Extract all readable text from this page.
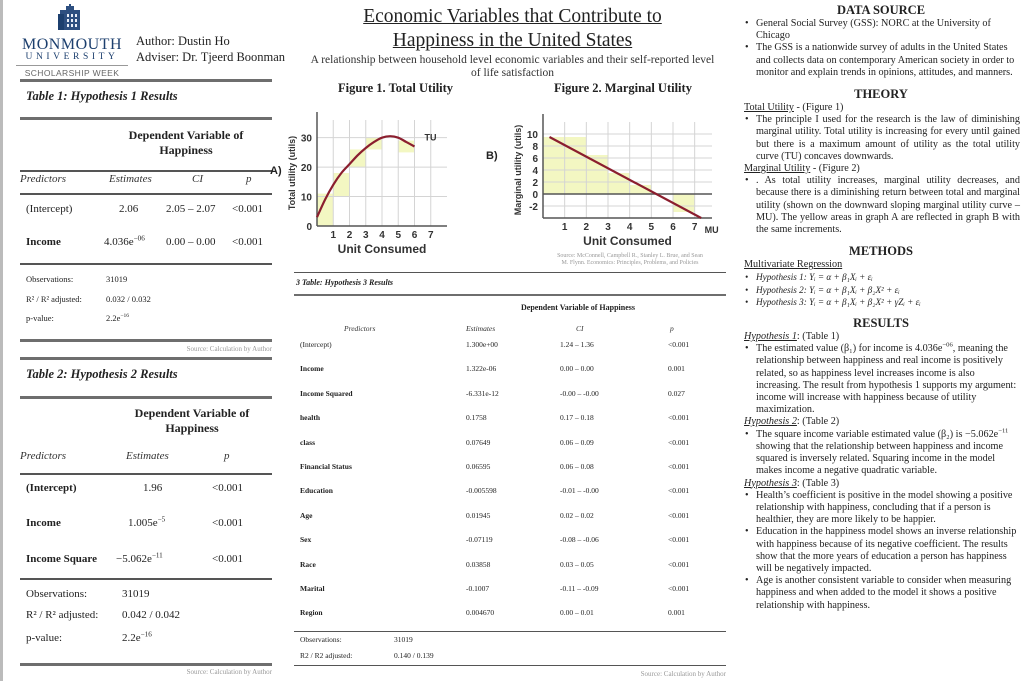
MONMOUTH
UNIVERSITY
SCHOLARSHIP WEEK
Author: Dustin Ho
Adviser: Dr. Tjeerd Boonman
Table 1: Hypothesis 1 Results
Dependent Variable of Happiness
Predictors	Estimates	CI	p
(Intercept)	2.06	2.05 – 2.07 <0.001
Income	$4.036e^{-06}$ 0.00 – 0.00 <0.001
Observations:	31019
R² / R² adjusted:	0.032 / 0.032
p-value:	$2.2e^{-16}$
Source: Calculation by Author
Table 2: Hypothesis 2 Results
Dependent Variable of Happiness
Predictors	Estimates	p
(Intercept)	1.96	<0.001
Income	$1.005e^{-5}$	<0.001
Income Square $-5.062e^{-11}$	<0.001
Observations:	31019
R² / R² adjusted: 0.042 / 0.042
p-value:	$2.2e^{-16}$
Source: Calculation by Author
Economic Variables that Contribute to
Happiness in the United States
A relationship between household level economic variables and their self-reported level of life satisfaction
Figure 1. Total Utility	Figure 2. Marginal Utility
1 2 3 4 5 6 7
0
10
20
30	TU
Unit Consumed
Total utility (utils)
A)
1 2 3 4 5 6 7
-2
0
2
4
6
8
10
MU
Unit Consumed
Marginal utility (utils)
B)
Source: McConnell, Campbell R., Stanley L. Brue, and Sean
M. Flynn. Economics: Principles, Problems, and Policies
3 Table: Hypothesis 3 Results
Dependent Variable of Happiness
Predictors	Estimates	CI	p
(Intercept)	1.300e+00	1.24 – 1.36	<0.001
Income	1.322e-06	0.00 – 0.00	0.001
Income Squared	-6.331e-12	-0.00 – -0.00	0.027
health	0.1758	0.17 – 0.18	<0.001
class	0.07649	0.06 – 0.09	<0.001
Financial Status	0.06595	0.06 – 0.08	<0.001
Education	-0.005598	-0.01 – -0.00	<0.001
Age	0.01945	0.02 – 0.02	<0.001
Sex	-0.07119	-0.08 – -0.06	<0.001
Race	0.03858	0.03 – 0.05	<0.001
Marital	-0.1007	-0.11 – -0.09	<0.001
Region	0.004670	0.00 – 0.01	0.001
Observations:	31019
R2 / R2 adjusted:	0.140 / 0.139
Source: Calculation by Author
DATA SOURCE
• General Social Survey (GSS): NORC at the University of Chicago
• The GSS is a nationwide survey of adults in the United States and collects data on contemporary American society in order to monitor and explain trends in opinions, attitudes, and manners.
THEORY
Total Utility - (Figure 1)
• The principle I used for the research is the law of diminishing marginal utility. Total utility is increasing for every until gained but there is a maximum amount of utility as the total utility curve (TU) concaves downwards.
Marginal Utility - (Figure 2)
• . As total utility increases, marginal utility decreases, and because there is a diminishing return between total and marginal utility (shown on the downward sloping marginal utility curve – MU). The yellow areas in graph A are reflected in graph B with the same increments.
METHODS
Multivariate Regression
• Hypothesis 1: Yᵢ = α + β₁Xᵢ + εᵢ
• Hypothesis 2: Yᵢ = α + β₁Xᵢ + β₂X² + εᵢ
• Hypothesis 3: Yᵢ = α + β₁Xᵢ + β₂X² + γZᵢ + εᵢ
RESULTS
Hypothesis 1: (Table 1)
• The estimated value (β₁) for income is $4.036e^{-06}$, meaning the relationship between happiness and real income is positively related, so as happiness level increases income is also increasing. The result from hypothesis 1 supports my argument: income will increase with happiness because of utility maximization.
Hypothesis 2: (Table 2)
• The square income variable estimated value (β₂) is $-5.062e^{-11}$ showing that the relationship between happiness and income squared is inversely related. Squaring income in the model makes income a negative quadratic variable.
Hypothesis 3: (Table 3)
• Health’s coefficient is positive in the model showing a positive relationship with happiness, concluding that if a person is healthier, they are more likely to be happier.
• Education in the happiness model shows an inverse relationship with happiness because of its negative coefficient. The results show that the more years of education a person has happiness will be negatively impacted.
• Age is another consistent variable to consider when measuring happiness and when added to the model it shows a positive relationship with happiness.
